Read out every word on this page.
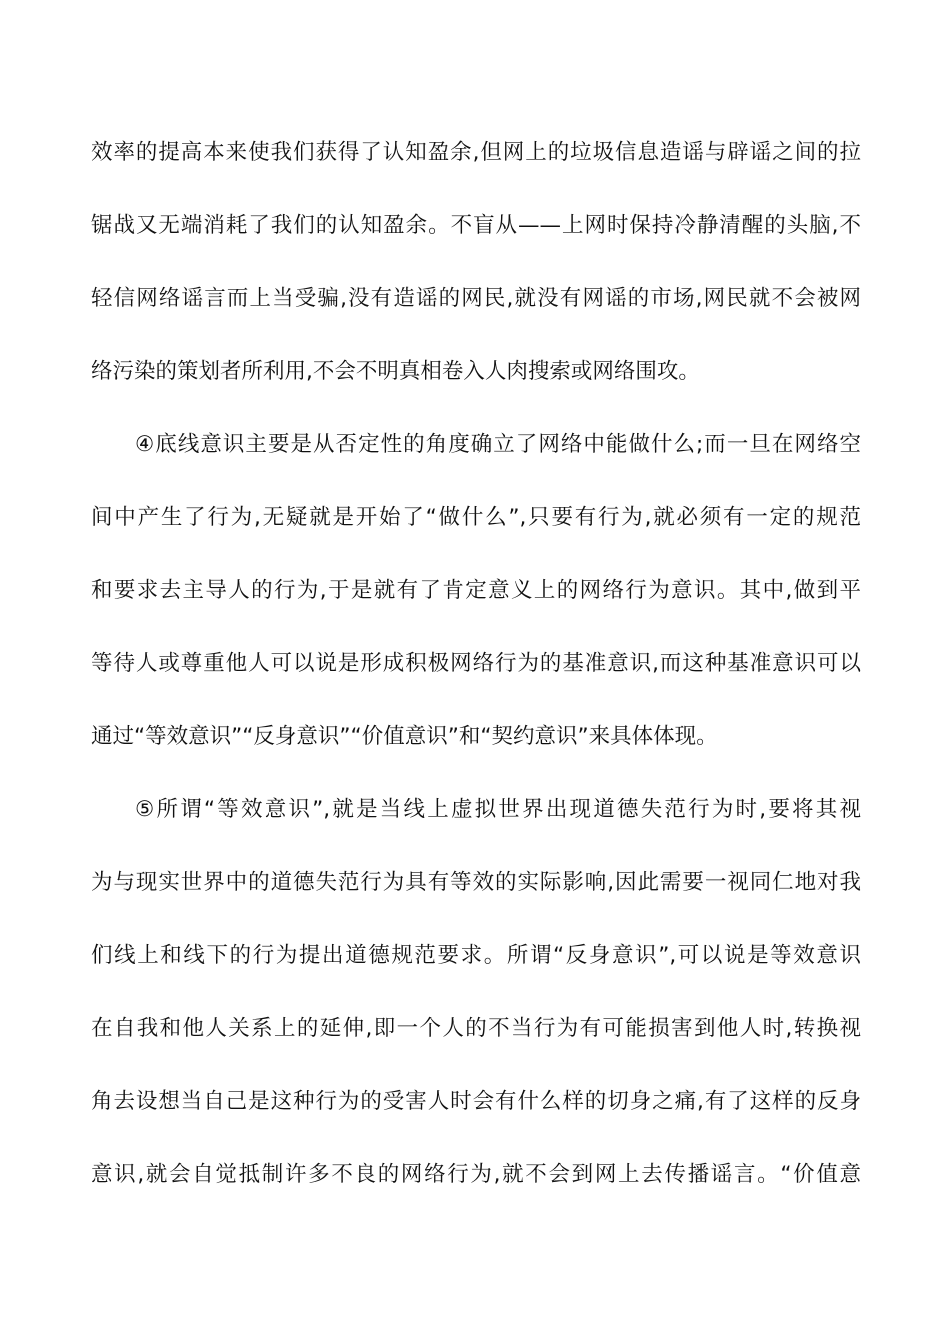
效率的提高本来使我们获得了认知盈余,但网上的垃圾信息造谣与辟谣之间的拉
锯战又无端消耗了我们的认知盈余。不盲从——上网时保持冷静清醒的头脑,不
轻信网络谣言而上当受骗,没有造谣的网民,就没有网谣的市场,网民就不会被网
络污染的策划者所利用,不会不明真相卷入人肉搜索或网络围攻。
④底线意识主要是从否定性的角度确立了网络中能做什么;而一旦在网络空
间中产生了行为,无疑就是开始了“做什么”,只要有行为,就必须有一定的规范
和要求去主导人的行为,于是就有了肯定意义上的网络行为意识。其中,做到平
等待人或尊重他人可以说是形成积极网络行为的基准意识,而这种基准意识可以
通过“等效意识”“反身意识”“价值意识”和“契约意识”来具体体现。
⑤所谓“等效意识”,就是当线上虚拟世界出现道德失范行为时,要将其视
为与现实世界中的道德失范行为具有等效的实际影响,因此需要一视同仁地对我
们线上和线下的行为提出道德规范要求。所谓“反身意识”,可以说是等效意识
在自我和他人关系上的延伸,即一个人的不当行为有可能损害到他人时,转换视
角去设想当自己是这种行为的受害人时会有什么样的切身之痛,有了这样的反身
意识,就会自觉抵制许多不良的网络行为,就不会到网上去传播谣言。“价值意
